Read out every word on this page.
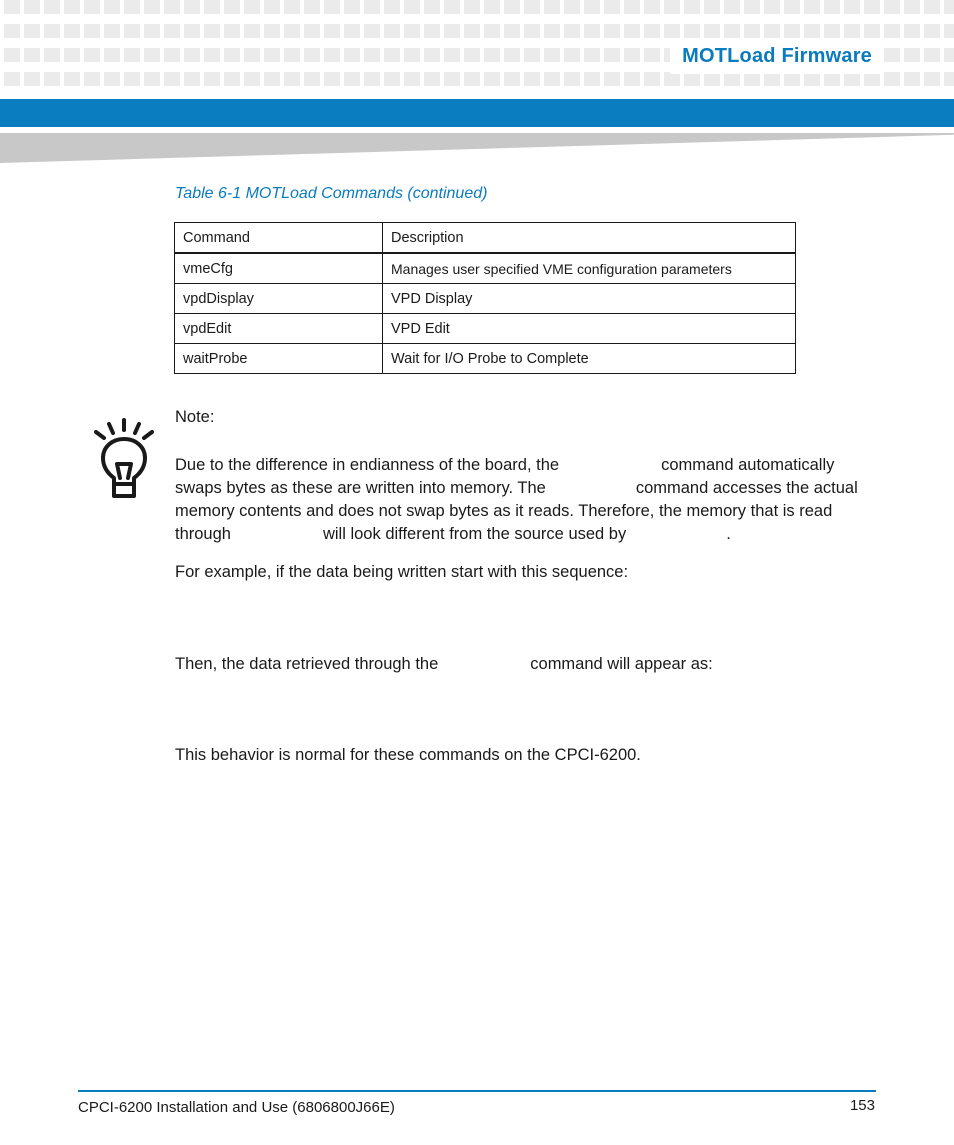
MOTLoad Firmware
Table 6-1 MOTLoad Commands (continued)
Command	Description
vmeCfg	Manages user specified VME configuration parameters
vpdDisplay	VPD Display
vpdEdit	VPD Edit
waitProbe	Wait for I/O Probe to Complete
Note:
Due to the difference in endianness of the board, the	command automatically
swaps bytes as these are written into memory. The	command accesses the actual
memory contents and does not swap bytes as it reads. Therefore, the memory that is read
through	will look different from the source used by	.
For example, if the data being written start with this sequence:
Then, the data retrieved through the	command will appear as:
This behavior is normal for these commands on the CPCI-6200.
CPCI-6200 Installation and Use (6806800J66E)	153
